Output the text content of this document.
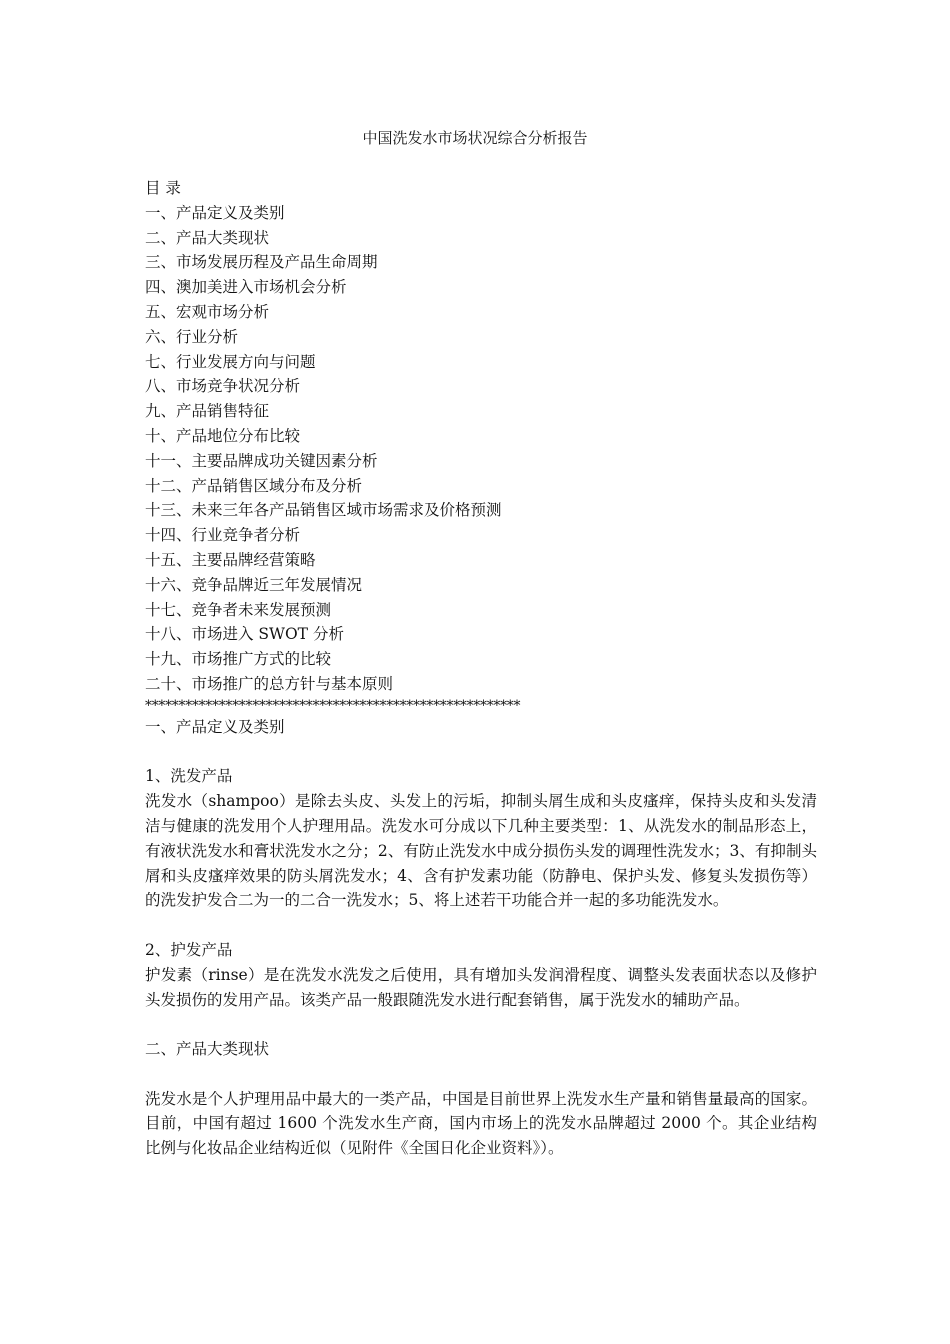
中国洗发水市场状况综合分析报告
目 录
一、产品定义及类别
二、产品大类现状
三、市场发展历程及产品生命周期
四、澳加美进入市场机会分析
五、宏观市场分析
六、行业分析
七、行业发展方向与问题
八、市场竞争状况分析
九、产品销售特征
十、产品地位分布比较
十一、主要品牌成功关键因素分析
十二、产品销售区域分布及分析
十三、未来三年各产品销售区域市场需求及价格预测
十四、行业竞争者分析
十五、主要品牌经营策略
十六、竞争品牌近三年发展情况
十七、竞争者未来发展预测
十八、市场进入 SWOT 分析
十九、市场推广方式的比较
二十、市场推广的总方针与基本原则
********************************************************
一、产品定义及类别
1、洗发产品

洗发水（shampoo）是除去头皮、头发上的污垢，抑制头屑生成和头皮瘙痒，保持头皮和头发清洁与健康的洗发用个人护理用品。洗发水可分成以下几种主要类型：1、从洗发水的制品形态上，有液状洗发水和膏状洗发水之分；2、有防止洗发水中成分损伤头发的调理性洗发水；3、有抑制头屑和头皮瘙痒效果的防头屑洗发水；4、含有护发素功能（防静电、保护头发、修复头发损伤等）的洗发护发合二为一的二合一洗发水；5、将上述若干功能合并一起的多功能洗发水。

2、护发产品

护发素（rinse）是在洗发水洗发之后使用，具有增加头发润滑程度、调整头发表面状态以及修护头发损伤的发用产品。该类产品一般跟随洗发水进行配套销售，属于洗发水的辅助产品。

二、产品大类现状

洗发水是个人护理用品中最大的一类产品，中国是目前世界上洗发水生产量和销售量最高的国家。目前，中国有超过 1600 个洗发水生产商，国内市场上的洗发水品牌超过 2000 个。其企业结构比例与化妆品企业结构近似（见附件《全国日化企业资料》）。
